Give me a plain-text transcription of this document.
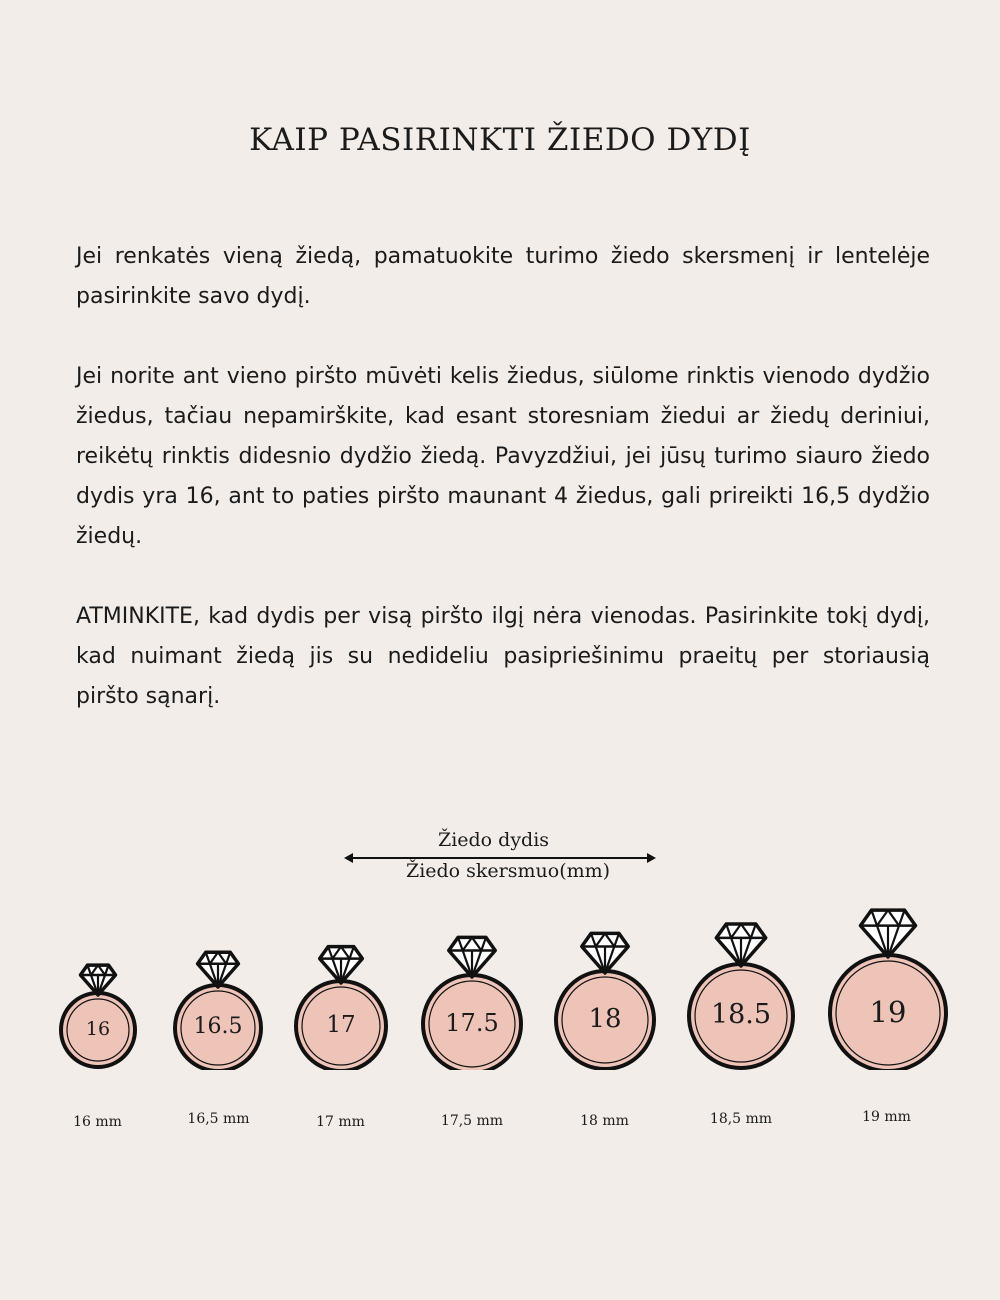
KAIP PASIRINKTI ŽIEDO DYDĮ

Jei renkatės vieną žiedą, pamatuokite turimo žiedo skersmenį ir lentelėje pasirinkite savo dydį.

Jei norite ant vieno piršto mūvėti kelis žiedus, siūlome rinktis vienodo dydžio žiedus, tačiau nepamirškite, kad esant storesniam žiedui ar žiedų deriniui, reikėtų rinktis didesnio dydžio žiedą. Pavyzdžiui, jei jūsų turimo siauro žiedo dydis yra 16, ant to paties piršto maunant 4 žiedus, gali prireikti 16,5 dydžio žiedų.

ATMINKITE, kad dydis per visą piršto ilgį nėra vienodas. Pasirinkite tokį dydį, kad nuimant žiedą jis su nedideliu pasipriešinimu praeitų per storiausią piršto sąnarį.

Žiedo dydis
Žiedo skersmuo(mm)
16
16 mm
16.5
16,5 mm
17
17 mm
17.5
17,5 mm
18
18 mm
18.5
18,5 mm
19
19 mm
